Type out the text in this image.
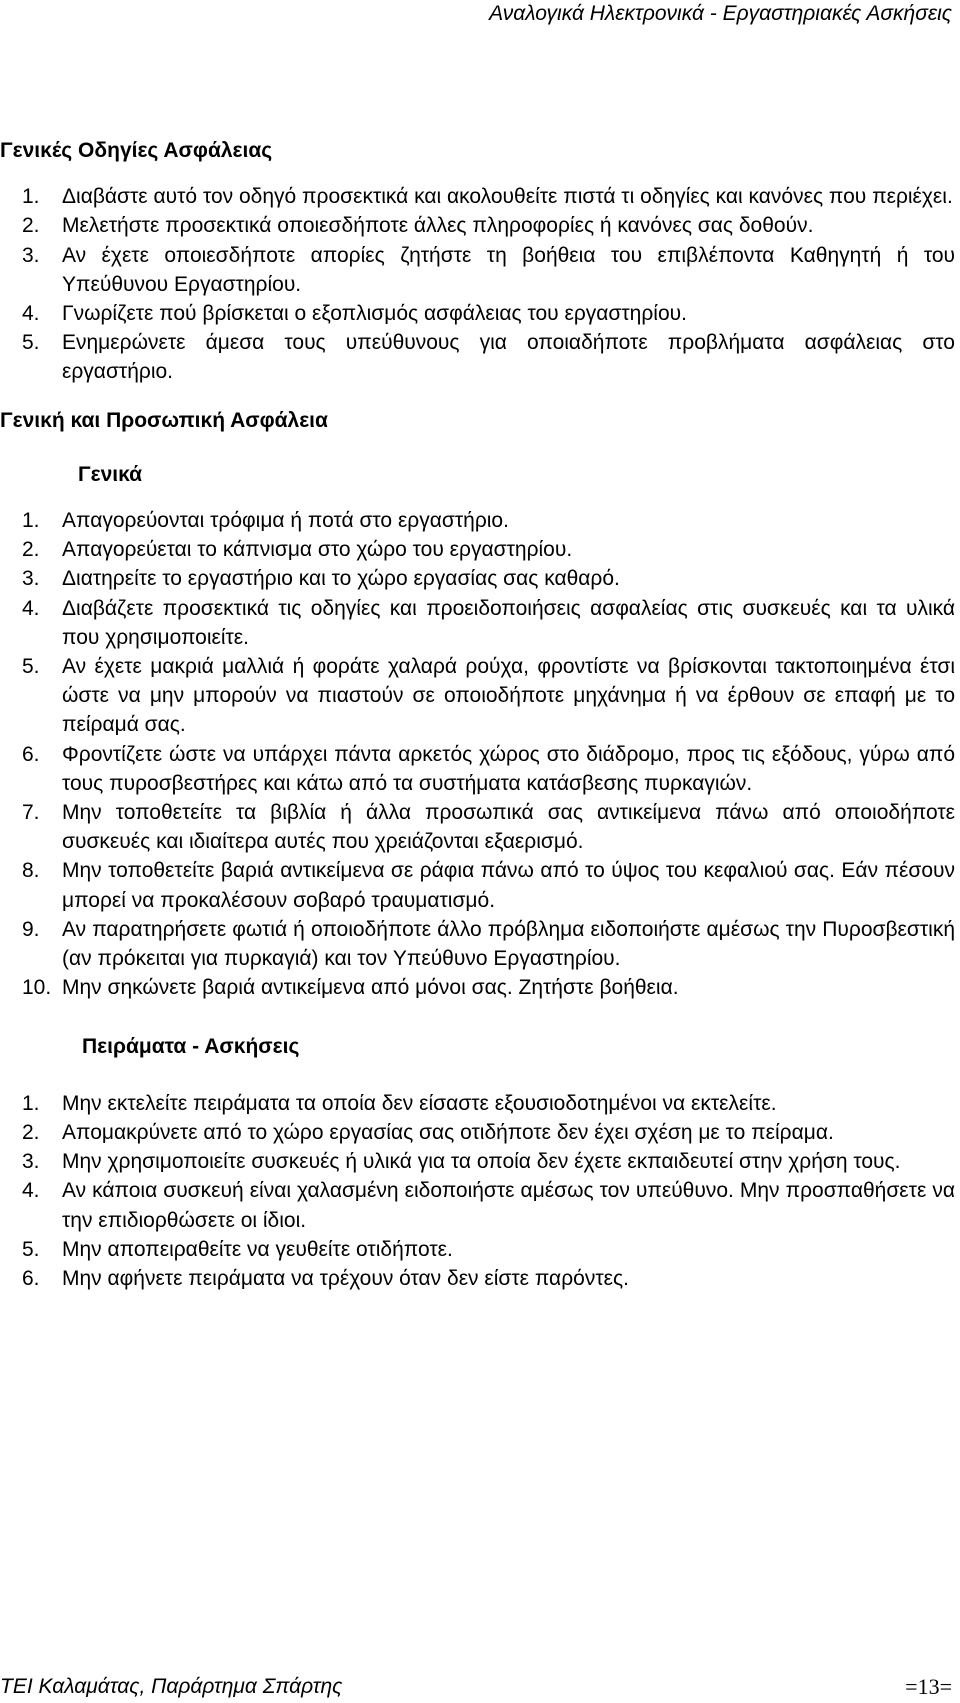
Αναλογικά Ηλεκτρονικά - Εργαστηριακές Ασκήσεις
Γενικές Οδηγίες Ασφάλειας
1. Διαβάστε αυτό τον οδηγό προσεκτικά και ακολουθείτε πιστά τι οδηγίες και κανόνες που περιέχει.
2. Μελετήστε προσεκτικά οποιεσδήποτε άλλες πληροφορίες ή κανόνες σας δοθούν.
3. Αν έχετε οποιεσδήποτε απορίες ζητήστε τη βοήθεια του επιβλέποντα Καθηγητή ή του Υπεύθυνου Εργαστηρίου.
4. Γνωρίζετε πού βρίσκεται ο εξοπλισμός ασφάλειας του εργαστηρίου.
5. Ενημερώνετε άμεσα τους υπεύθυνους για οποιαδήποτε προβλήματα ασφάλειας στο εργαστήριο.
Γενική και Προσωπική Ασφάλεια
Γενικά
1. Απαγορεύονται τρόφιμα ή ποτά στο εργαστήριο.
2. Απαγορεύεται το κάπνισμα στο χώρο του εργαστηρίου.
3. Διατηρείτε το εργαστήριο και το χώρο εργασίας σας καθαρό.
4. Διαβάζετε προσεκτικά τις οδηγίες και προειδοποιήσεις ασφαλείας στις συσκευές και τα υλικά που χρησιμοποιείτε.
5. Αν έχετε μακριά μαλλιά ή φοράτε χαλαρά ρούχα, φροντίστε να βρίσκονται τακτοποιημένα έτσι ώστε να μην μπορούν να πιαστούν σε οποιοδήποτε μηχάνημα ή να έρθουν σε επαφή με το πείραμά σας.
6. Φροντίζετε ώστε να υπάρχει πάντα αρκετός χώρος στο διάδρομο, προς τις εξόδους, γύρω από τους πυροσβεστήρες και κάτω από τα συστήματα κατάσβεσης πυρκαγιών.
7. Μην τοποθετείτε τα βιβλία ή άλλα προσωπικά σας αντικείμενα πάνω από οποιοδήποτε συσκευές και ιδιαίτερα αυτές που χρειάζονται εξαερισμό.
8. Μην τοποθετείτε βαριά αντικείμενα σε ράφια πάνω από το ύψος του κεφαλιού σας. Εάν πέσουν μπορεί να προκαλέσουν σοβαρό τραυματισμό.
9. Αν παρατηρήσετε φωτιά ή οποιοδήποτε άλλο πρόβλημα ειδοποιήστε αμέσως την Πυροσβεστική (αν πρόκειται για πυρκαγιά) και τον Υπεύθυνο Εργαστηρίου.
10. Μην σηκώνετε βαριά αντικείμενα από μόνοι σας. Ζητήστε βοήθεια.
Πειράματα - Ασκήσεις
1. Μην εκτελείτε πειράματα τα οποία δεν είσαστε εξουσιοδοτημένοι να εκτελείτε.
2. Απομακρύνετε από το χώρο εργασίας σας οτιδήποτε δεν έχει σχέση με το πείραμα.
3. Μην χρησιμοποιείτε συσκευές ή υλικά για τα οποία δεν έχετε εκπαιδευτεί στην χρήση τους.
4. Αν κάποια συσκευή είναι χαλασμένη ειδοποιήστε αμέσως τον υπεύθυνο. Μην προσπαθήσετε να την επιδιορθώσετε οι ίδιοι.
5. Μην αποπειραθείτε να γευθείτε οτιδήποτε.
6. Μην αφήνετε πειράματα να τρέχουν όταν δεν είστε παρόντες.
ΤΕΙ Καλαμάτας, Παράρτημα Σπάρτης	=13=
